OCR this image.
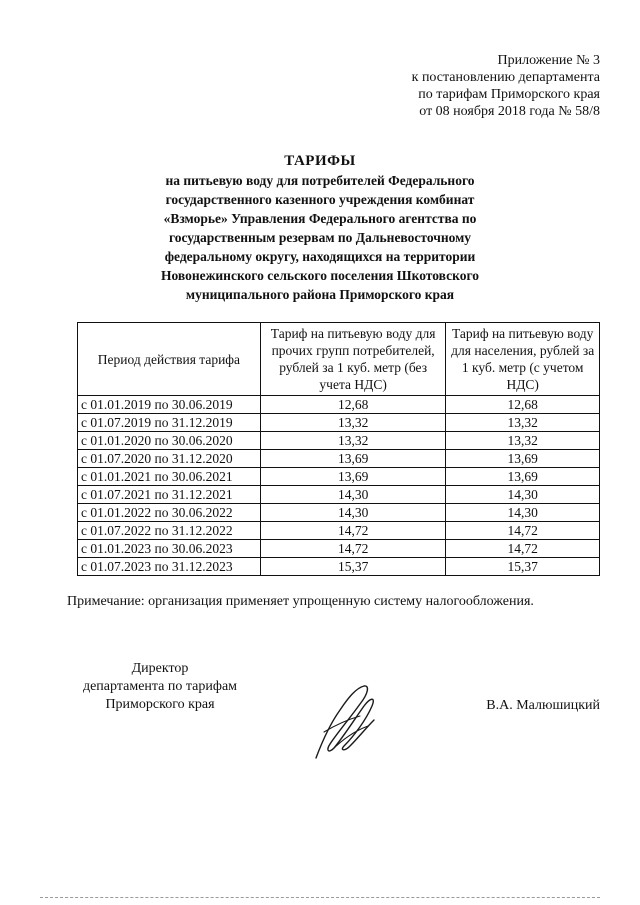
Приложение № 3
к постановлению департамента
по тарифам Приморского края
от 08 ноября 2018 года № 58/8
ТАРИФЫ
на питьевую воду для потребителей Федерального
государственного казенного учреждения комбинат
«Взморье» Управления Федерального агентства по
государственным резервам по Дальневосточному
федеральному округу, находящихся на территории
Новонежинского сельского поселения Шкотовского
муниципального района Приморского края
Период действия тарифа	Тариф на питьевую воду для прочих групп потребителей, рублей за 1 куб. метр (без учета НДС)	Тариф на питьевую воду для населения, рублей за 1 куб. метр (с учетом НДС)
с 01.01.2019 по 30.06.2019	12,68	12,68
с 01.07.2019 по 31.12.2019	13,32	13,32
с 01.01.2020 по 30.06.2020	13,32	13,32
с 01.07.2020 по 31.12.2020	13,69	13,69
с 01.01.2021 по 30.06.2021	13,69	13,69
с 01.07.2021 по 31.12.2021	14,30	14,30
с 01.01.2022 по 30.06.2022	14,30	14,30
с 01.07.2022 по 31.12.2022	14,72	14,72
с 01.01.2023 по 30.06.2023	14,72	14,72
с 01.07.2023 по 31.12.2023	15,37	15,37
Примечание: организация применяет упрощенную систему налогообложения.
Директор
департамента по тарифам
Приморского края	В.А. Малюшицкий
